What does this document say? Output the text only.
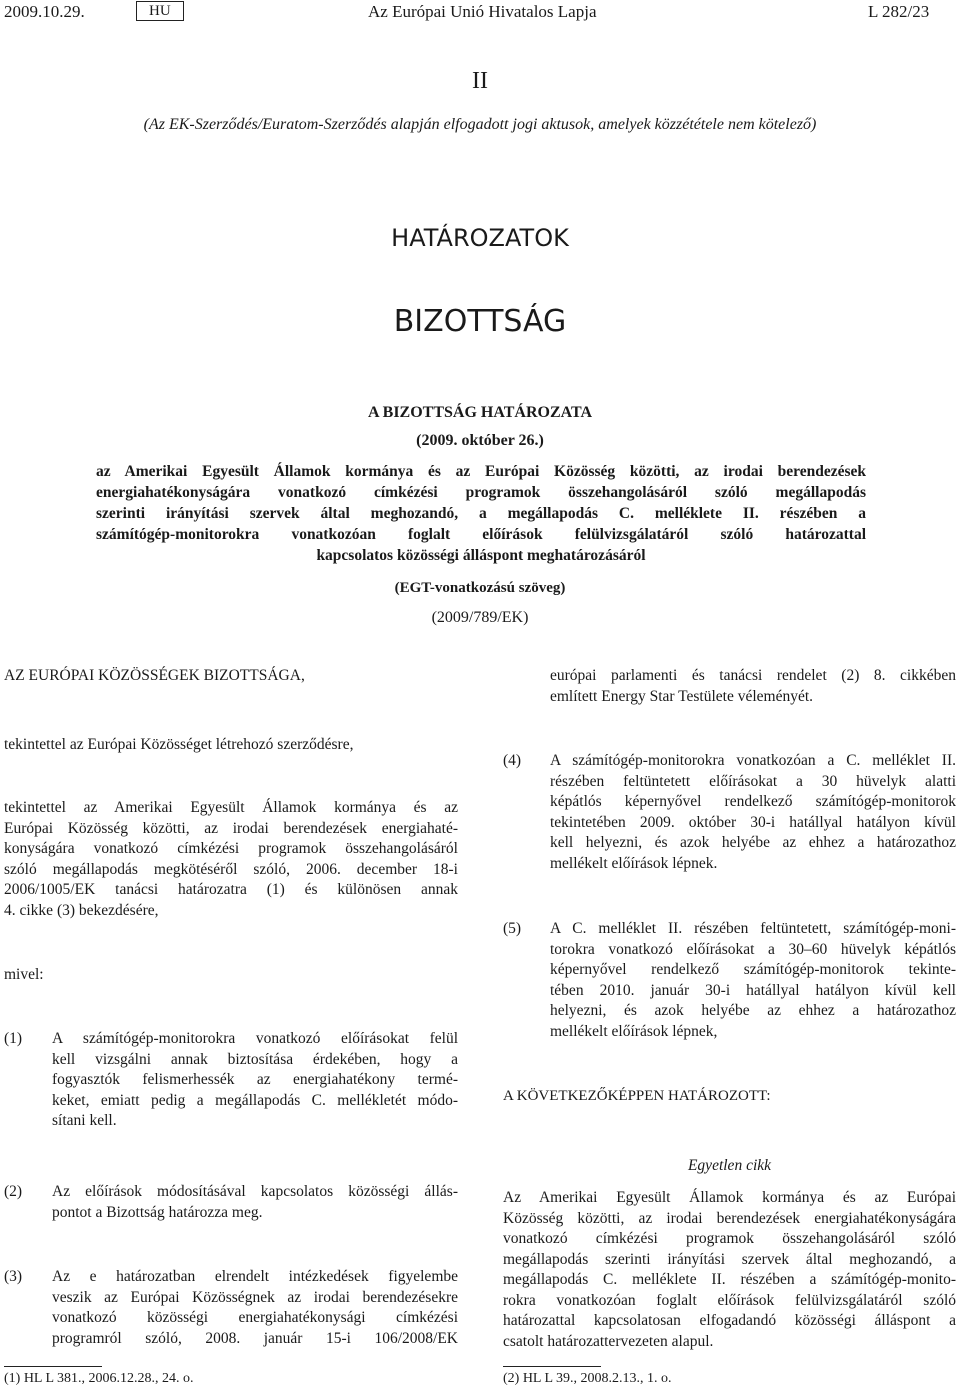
2009.10.29.	HU	Az Európai Unió Hivatalos Lapja	L 282/23
II
(Az EK-Szerződés/Euratom-Szerződés alapján elfogadott jogi aktusok, amelyek közzététele nem kötelező)
HATÁROZATOK
BIZOTTSÁG
A BIZOTTSÁG HATÁROZATA
(2009. október 26.)
az Amerikai Egyesült Államok kormánya és az Európai Közösség közötti, az irodai berendezések
energiahatékonyságára vonatkozó címkézési programok összehangolásáról szóló megállapodás
szerinti irányítási szervek által meghozandó, a megállapodás C. melléklete II. részében a
számítógép-monitorokra vonatkozóan foglalt előírások felülvizsgálatáról szóló határozattal
kapcsolatos közösségi álláspont meghatározásáról
(EGT-vonatkozású szöveg)
(2009/789/EK)
AZ EURÓPAI KÖZÖSSÉGEK BIZOTTSÁGA,
tekintettel az Európai Közösséget létrehozó szerződésre,
tekintettel az Amerikai Egyesült Államok kormánya és az
Európai Közösség közötti, az irodai berendezések energiahaté-
konyságára vonatkozó címkézési programok összehangolásáról
szóló megállapodás megkötéséről szóló, 2006. december 18-i
2006/1005/EK tanácsi határozatra (1) és különösen annak
4. cikke (3) bekezdésére,
mivel:
(1) A számítógép-monitorokra vonatkozó előírásokat felül
kell vizsgálni annak biztosítása érdekében, hogy a
fogyasztók felismerhessék az energiahatékony termé-
keket, emiatt pedig a megállapodás C. mellékletét módo-
sítani kell.
(2) Az előírások módosításával kapcsolatos közösségi állás-
pontot a Bizottság határozza meg.
(3) Az e határozatban elrendelt intézkedések figyelembe
veszik az Európai Közösségnek az irodai berendezésekre
vonatkozó közösségi energiahatékonysági címkézési
programról szóló, 2008. január 15-i 106/2008/EK
(1) HL L 381., 2006.12.28., 24. o.
európai parlamenti és tanácsi rendelet (2) 8. cikkében
említett Energy Star Testülete véleményét.
(4) A számítógép-monitorokra vonatkozóan a C. melléklet II.
részében feltüntetett előírásokat a 30 hüvelyk alatti
képátlós képernyővel rendelkező számítógép-monitorok
tekintetében 2009. október 30-i hatállyal hatályon kívül
kell helyezni, és azok helyébe az ehhez a határozathoz
mellékelt előírások lépnek.
(5) A C. melléklet II. részében feltüntetett, számítógép-moni-
torokra vonatkozó előírásokat a 30–60 hüvelyk képátlós
képernyővel rendelkező számítógép-monitorok tekinte-
tében 2010. január 30-i hatállyal hatályon kívül kell
helyezni, és azok helyébe az ehhez a határozathoz
mellékelt előírások lépnek,
A KÖVETKEZŐKÉPPEN HATÁROZOTT:
Egyetlen cikk
Az Amerikai Egyesült Államok kormánya és az Európai
Közösség közötti, az irodai berendezések energiahatékonyságára
vonatkozó címkézési programok összehangolásáról szóló
megállapodás szerinti irányítási szervek által meghozandó, a
megállapodás C. melléklete II. részében a számítógép-monito-
rokra vonatkozóan foglalt előírások felülvizsgálatáról szóló
határozattal kapcsolatosan elfogadandó közösségi álláspont a
csatolt határozattervezeten alapul.
(2) HL L 39., 2008.2.13., 1. o.
